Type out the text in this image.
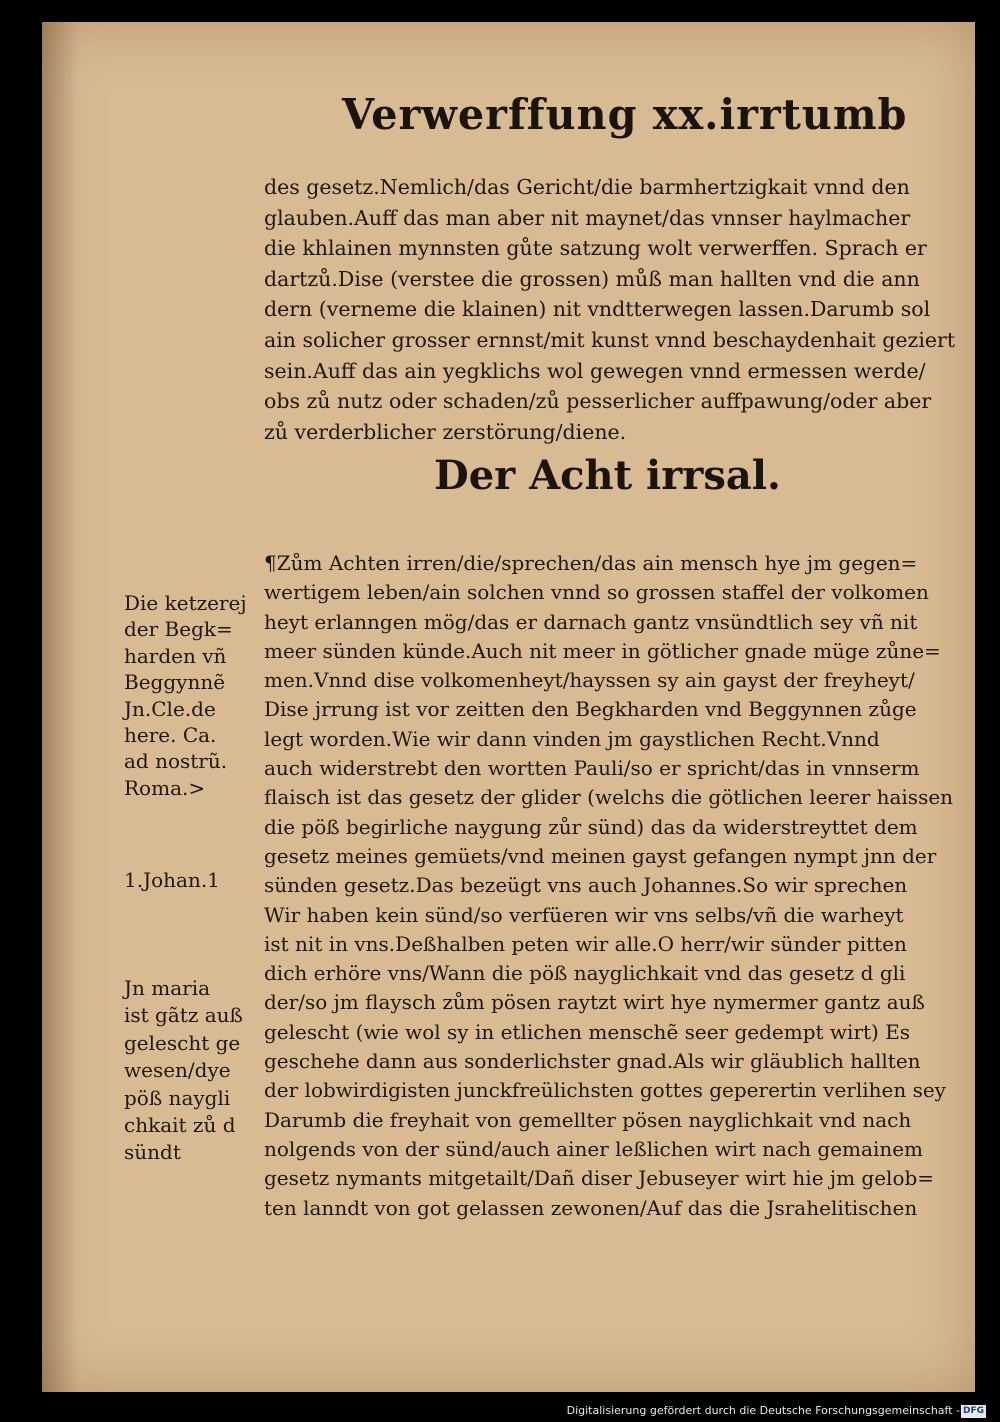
Verwerffung xx.irrtumb
des gesetz.Nemlich/das Gericht/die barmhertzigkait vnnd den
glauben.Auff das man aber nit maynet/das vnnser haylmacher
die khlainen mynnsten gůte satzung wolt verwerffen. Sprach er
dartzů.Dise (verstee die grossen) můß man hallten vnd die ann
dern (verneme die klainen) nit vndtterwegen lassen.Darumb sol
ain solicher grosser ernnst/mit kunst vnnd beschaydenhait geziert
sein.Auff das ain yegklichs wol gewegen vnnd ermessen werde/
obs zů nutz oder schaden/zů pesserlicher auffpawung/oder aber
zů verderblicher zerstörung/diene.
Der Acht irrsal.
¶Zům Achten irren/die/sprechen/das ain mensch hye jm gegen=
wertigem leben/ain solchen vnnd so grossen staffel der volkomen
heyt erlanngen mög/das er darnach gantz vnsündtlich sey vñ nit
meer sünden künde.Auch nit meer in götlicher gnade müge zůne=
men.Vnnd dise volkomenheyt/hayssen sy ain gayst der freyheyt/
Dise jrrung ist vor zeitten den Begkharden vnd Beggynnen zůge
legt worden.Wie wir dann vinden jm gaystlichen Recht.Vnnd
auch widerstrebt den wortten Pauli/so er spricht/das in vnnserm
flaisch ist das gesetz der glider (welchs die götlichen leerer haissen
die pöß begirliche naygung zůr sünd) das da widerstreyttet dem
gesetz meines gemüets/vnd meinen gayst gefangen nympt jnn der
sünden gesetz.Das bezeügt vns auch Johannes.So wir sprechen
Wir haben kein sünd/so verfüeren wir vns selbs/vñ die warheyt
ist nit in vns.Deßhalben peten wir alle.O herr/wir sünder pitten
dich erhöre vns/Wann die pöß nayglichkait vnd das gesetz d gli
der/so jm flaysch zům pösen raytzt wirt hye nymermer gantz auß
gelescht (wie wol sy in etlichen menschẽ seer gedempt wirt) Es
geschehe dann aus sonderlichster gnad.Als wir gläublich hallten
der lobwirdigisten junckfreülichsten gottes geperertin verlihen sey
Darumb die freyhait von gemellter pösen nayglichkait vnd nach
nolgends von der sünd/auch ainer leßlichen wirt nach gemainem
gesetz nymants mitgetailt/Dañ diser Jebuseyer wirt hie jm gelob=
ten lanndt von got gelassen zewonen/Auf das die Jsrahelitischen
Die ketzerej
der Begk=
harden vñ
Beggynnẽ
Jn.Cle.de
here. Ca.
ad nostrũ.
Roma.>
1.Johan.1
Jn maria
ist gãtz auß
gelescht ge
wesen/dye
pöß naygli
chkait zů d
sündt
Digitalisierung gefördert durch die Deutsche Forschungsgemeinschaft - DFG
